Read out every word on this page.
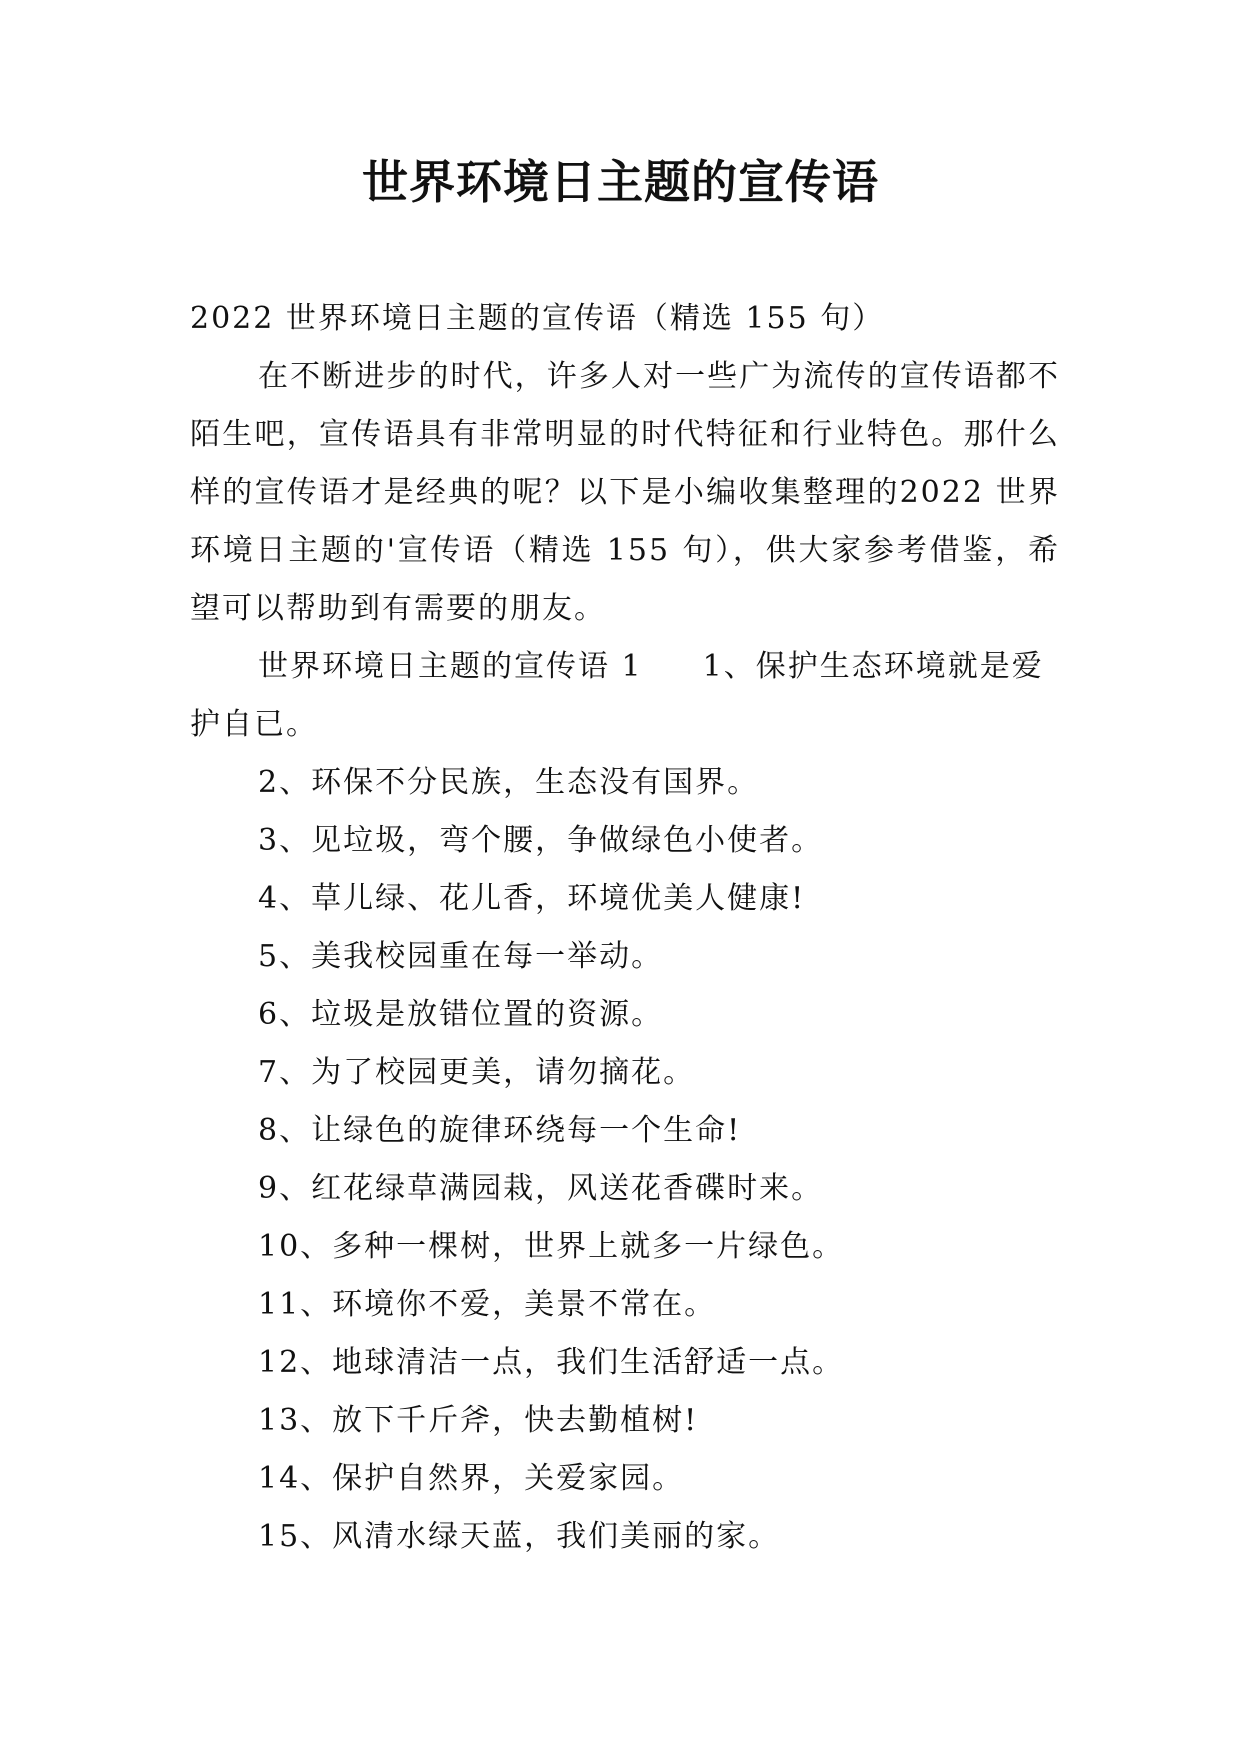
世界环境日主题的宣传语

2022 世界环境日主题的宣传语（精选 155 句）

在不断进步的时代，许多人对一些广为流传的宣传语都不陌生吧，宣传语具有非常明显的时代特征和行业特色。那什么样的宣传语才是经典的呢？以下是小编收集整理的2022 世界环境日主题的'宣传语（精选 155 句），供大家参考借鉴，希望可以帮助到有需要的朋友。

世界环境日主题的宣传语 1 1、保护生态环境就是爱护自已。

2、环保不分民族，生态没有国界。
3、见垃圾，弯个腰，争做绿色小使者。
4、草儿绿、花儿香，环境优美人健康!
5、美我校园重在每一举动。
6、垃圾是放错位置的资源。
7、为了校园更美，请勿摘花。
8、让绿色的旋律环绕每一个生命!
9、红花绿草满园栽，风送花香碟时来。
10、多种一棵树，世界上就多一片绿色。
11、环境你不爱，美景不常在。
12、地球清洁一点，我们生活舒适一点。
13、放下千斤斧，快去勤植树!
14、保护自然界，关爱家园。
15、风清水绿天蓝，我们美丽的家。
